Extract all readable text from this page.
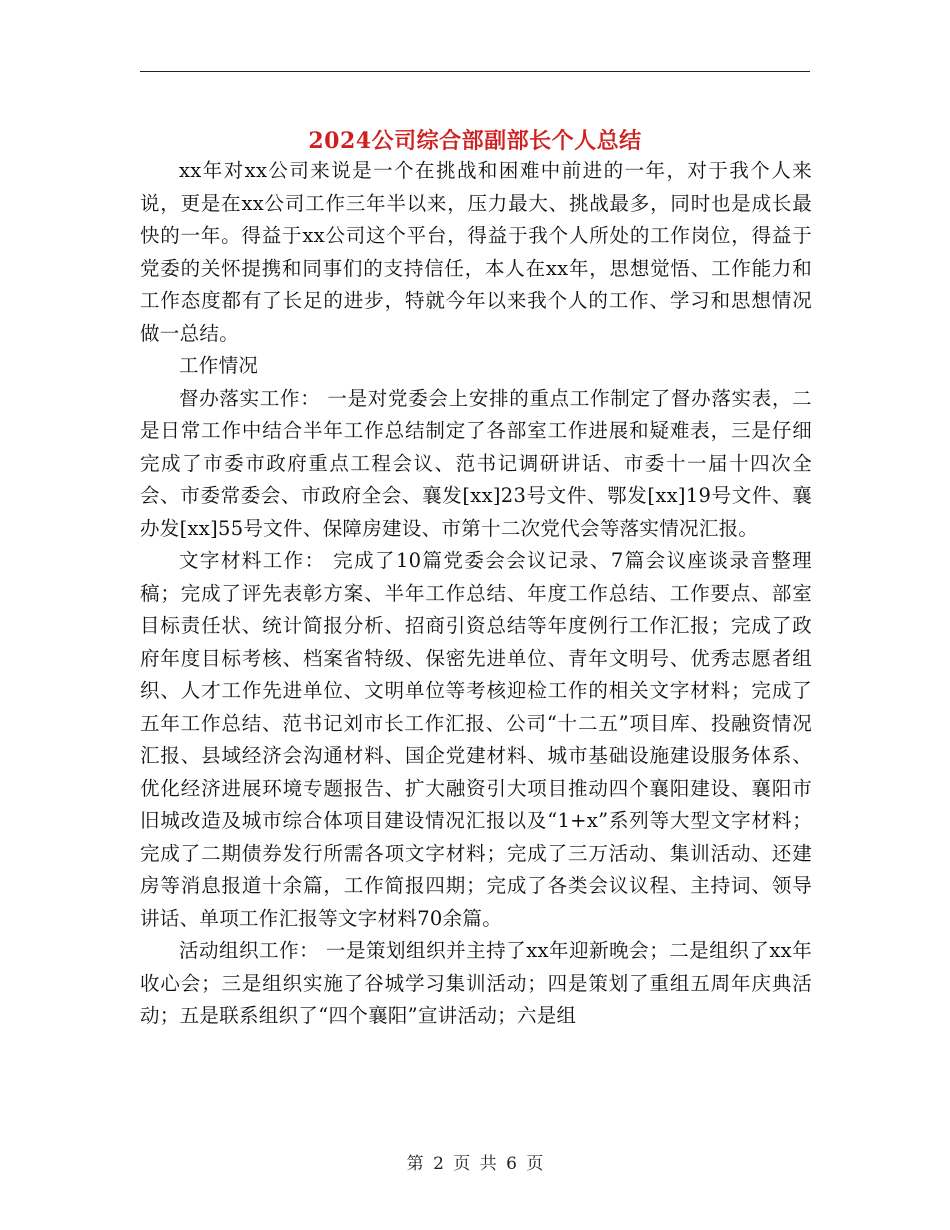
2024公司综合部副部长个人总结

xx年对xx公司来说是一个在挑战和困难中前进的一年，对于我个人来说，更是在xx公司工作三年半以来，压力最大、挑战最多，同时也是成长最快的一年。得益于xx公司这个平台，得益于我个人所处的工作岗位，得益于党委的关怀提携和同事们的支持信任，本人在xx年，思想觉悟、工作能力和工作态度都有了长足的进步，特就今年以来我个人的工作、学习和思想情况做一总结。

工作情况

督办落实工作： 一是对党委会上安排的重点工作制定了督办落实表，二是日常工作中结合半年工作总结制定了各部室工作进展和疑难表，三是仔细完成了市委市政府重点工程会议、范书记调研讲话、市委十一届十四次全会、市委常委会、市政府全会、襄发[xx]23号文件、鄂发[xx]19号文件、襄办发[xx]55号文件、保障房建设、市第十二次党代会等落实情况汇报。

文字材料工作： 完成了10篇党委会会议记录、7篇会议座谈录音整理稿；完成了评先表彰方案、半年工作总结、年度工作总结、工作要点、部室目标责任状、统计简报分析、招商引资总结等年度例行工作汇报；完成了政府年度目标考核、档案省特级、保密先进单位、青年文明号、优秀志愿者组织、人才工作先进单位、文明单位等考核迎检工作的相关文字材料；完成了五年工作总结、范书记刘市长工作汇报、公司“十二五”项目库、投融资情况汇报、县域经济会沟通材料、国企党建材料、城市基础设施建设服务体系、优化经济进展环境专题报告、扩大融资引大项目推动四个襄阳建设、襄阳市旧城改造及城市综合体项目建设情况汇报以及“1+x”系列等大型文字材料；完成了二期债券发行所需各项文字材料；完成了三万活动、集训活动、还建房等消息报道十余篇，工作简报四期；完成了各类会议议程、主持词、领导讲话、单项工作汇报等文字材料70余篇。

活动组织工作： 一是策划组织并主持了xx年迎新晚会；二是组织了xx年收心会；三是组织实施了谷城学习集训活动；四是策划了重组五周年庆典活动；五是联系组织了“四个襄阳”宣讲活动；六是组

第 2 页 共 6 页
